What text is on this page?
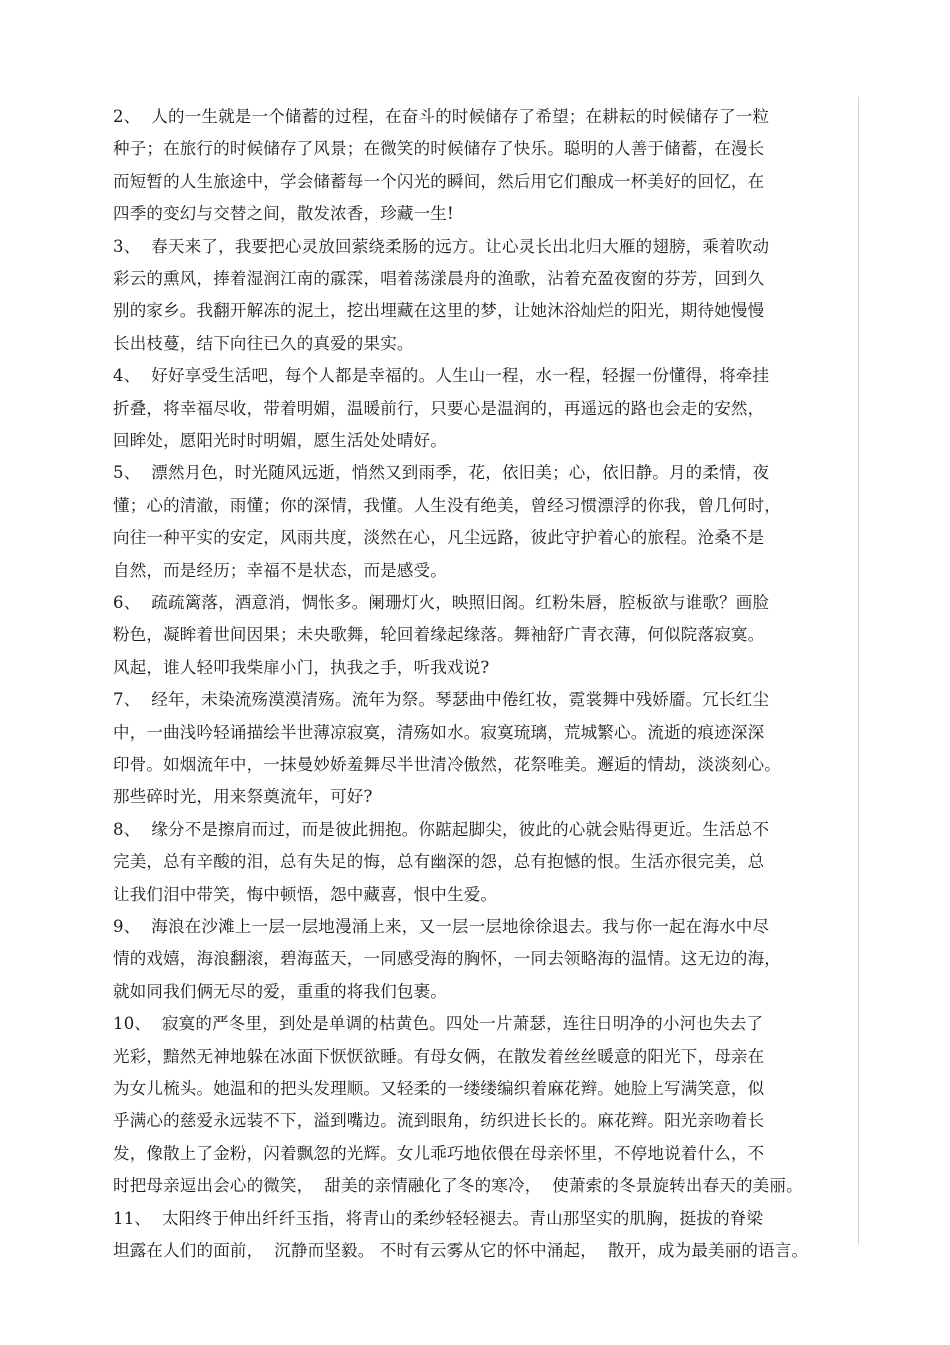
2、  人的一生就是一个储蓄的过程，在奋斗的时候储存了希望；在耕耘的时候储存了一粒
种子；在旅行的时候储存了风景；在微笑的时候储存了快乐。聪明的人善于储蓄，在漫长
而短暂的人生旅途中，学会储蓄每一个闪光的瞬间，然后用它们酿成一杯美好的回忆，在
四季的变幻与交替之间，散发浓香，珍藏一生!
3、  春天来了，我要把心灵放回萦绕柔肠的远方。让心灵长出北归大雁的翅膀，乘着吹动
彩云的熏风，捧着湿润江南的霡霂，唱着荡漾晨舟的渔歌，沾着充盈夜窗的芬芳，回到久
别的家乡。我翻开解冻的泥土，挖出埋藏在这里的梦，让她沐浴灿烂的阳光，期待她慢慢
长出枝蔓，结下向往已久的真爱的果实。
4、  好好享受生活吧，每个人都是幸福的。人生山一程，水一程，轻握一份懂得，将牵挂
折叠，将幸福尽收，带着明媚，温暖前行，只要心是温润的，再遥远的路也会走的安然，
回眸处，愿阳光时时明媚，愿生活处处晴好。
5、  漂然月色，时光随风远逝，悄然又到雨季，花，依旧美；心，依旧静。月的柔情，夜
懂；心的清澈，雨懂；你的深情，我懂。人生没有绝美，曾经习惯漂浮的你我，曾几何时，
向往一种平实的安定，风雨共度，淡然在心，凡尘远路，彼此守护着心的旅程。沧桑不是
自然，而是经历；幸福不是状态，而是感受。
6、  疏疏篱落，酒意消，惆怅多。阑珊灯火，映照旧阁。红粉朱唇，腔板欲与谁歌？画脸
粉色，凝眸着世间因果；未央歌舞，轮回着缘起缘落。舞袖舒广青衣薄，何似院落寂寞。
风起，谁人轻叩我柴扉小门，执我之手，听我戏说?
7、  经年，未染流殇漠漠清殇。流年为祭。琴瑟曲中倦红妆，霓裳舞中残娇靥。冗长红尘
中，一曲浅吟轻诵描绘半世薄凉寂寞，清殇如水。寂寞琉璃，荒城繁心。流逝的痕迹深深
印骨。如烟流年中，一抹曼妙娇羞舞尽半世清冷傲然，花祭唯美。邂逅的情劫，淡淡刻心。
那些碎时光，用来祭奠流年，可好?
8、  缘分不是擦肩而过，而是彼此拥抱。你踮起脚尖，彼此的心就会贴得更近。生活总不
完美，总有辛酸的泪，总有失足的悔，总有幽深的怨，总有抱憾的恨。生活亦很完美，总
让我们泪中带笑，悔中顿悟，怨中藏喜，恨中生爱。
9、  海浪在沙滩上一层一层地漫涌上来，又一层一层地徐徐退去。我与你一起在海水中尽
情的戏嬉，海浪翻滚，碧海蓝天，一同感受海的胸怀，一同去领略海的温情。这无边的海，
就如同我们俩无尽的爱，重重的将我们包裹。
10、  寂寞的严冬里，到处是单调的枯黄色。四处一片萧瑟，连往日明净的小河也失去了
光彩，黯然无神地躲在冰面下恹恹欲睡。有母女俩，在散发着丝丝暖意的阳光下，母亲在
为女儿梳头。她温和的把头发理顺。又轻柔的一缕缕编织着麻花辫。她脸上写满笑意，似
乎满心的慈爱永远装不下，溢到嘴边。流到眼角，纺织进长长的。麻花辫。阳光亲吻着长
发，像散上了金粉，闪着飘忽的光辉。女儿乖巧地依偎在母亲怀里，不停地说着什么，不
时把母亲逗出会心的微笑，  甜美的亲情融化了冬的寒冷，  使萧索的冬景旋转出春天的美丽。
11、  太阳终于伸出纤纤玉指，将青山的柔纱轻轻褪去。青山那坚实的肌胸，挺拔的脊梁
坦露在人们的面前，  沉静而坚毅。 不时有云雾从它的怀中涌起，  散开，成为最美丽的语言。
